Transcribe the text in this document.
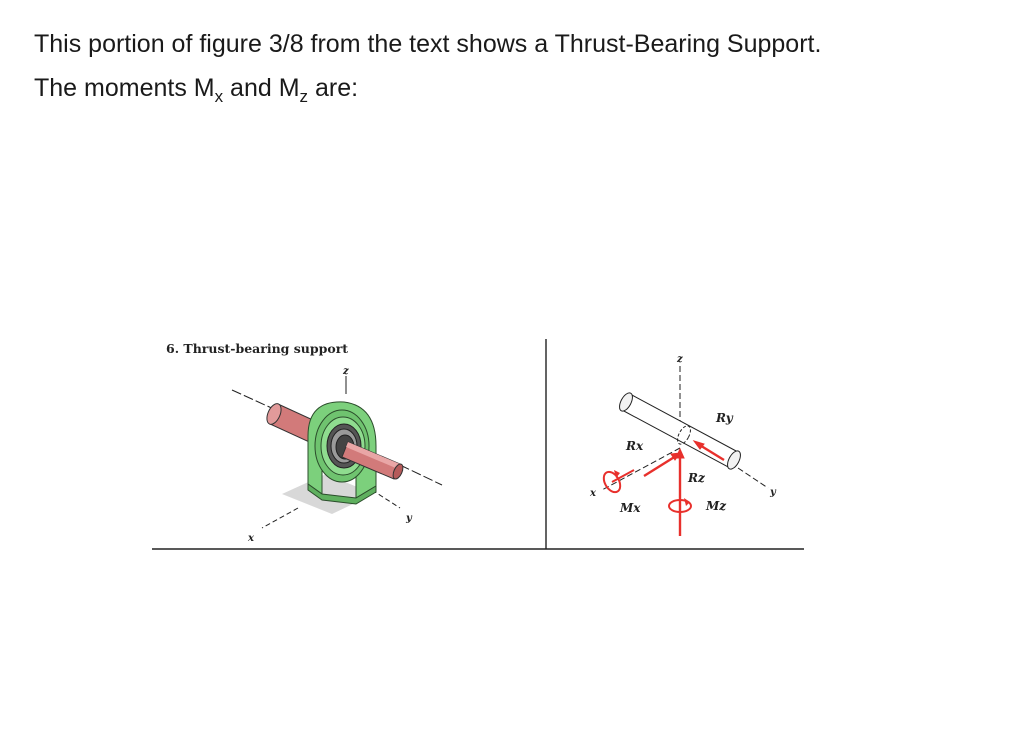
This portion of figure 3/8 from the text shows a Thrust-Bearing Support.

The moments $M_x$ and $M_z$ are:

6. Thrust-bearing support
z
y
x
z
x	y
Ry
Rx
Rz
Mx	Mz
